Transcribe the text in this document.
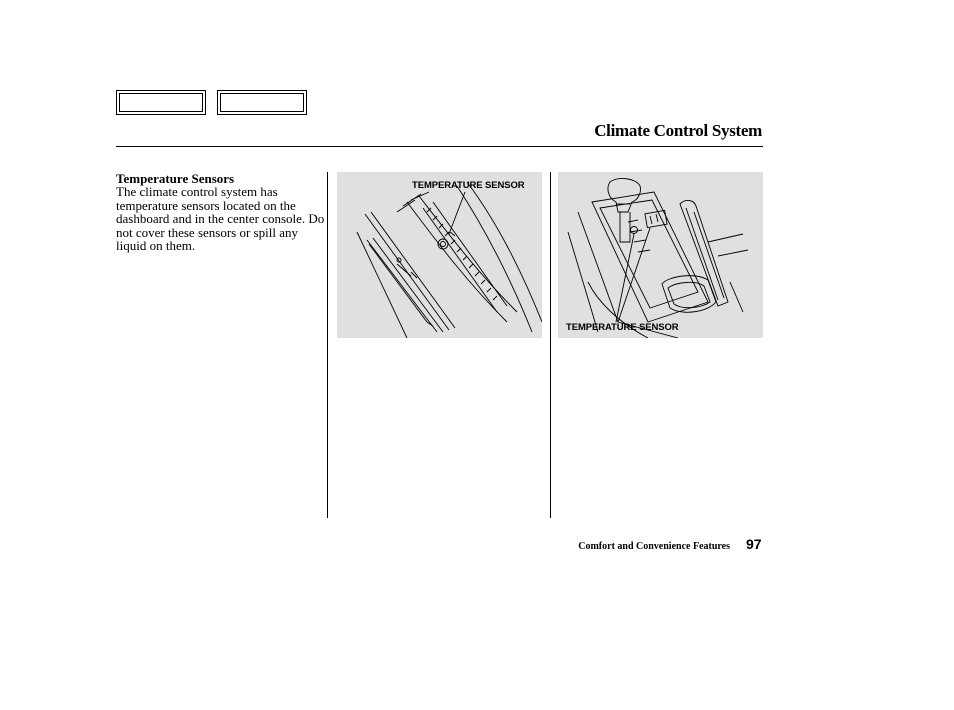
Climate Control System
Temperature Sensors

The climate control system has temperature sensors located on the dashboard and in the center console. Do not cover these sensors or spill any liquid on them.

TEMPERATURE SENSOR
TEMPERATURE SENSOR
Comfort and Convenience Features 97
